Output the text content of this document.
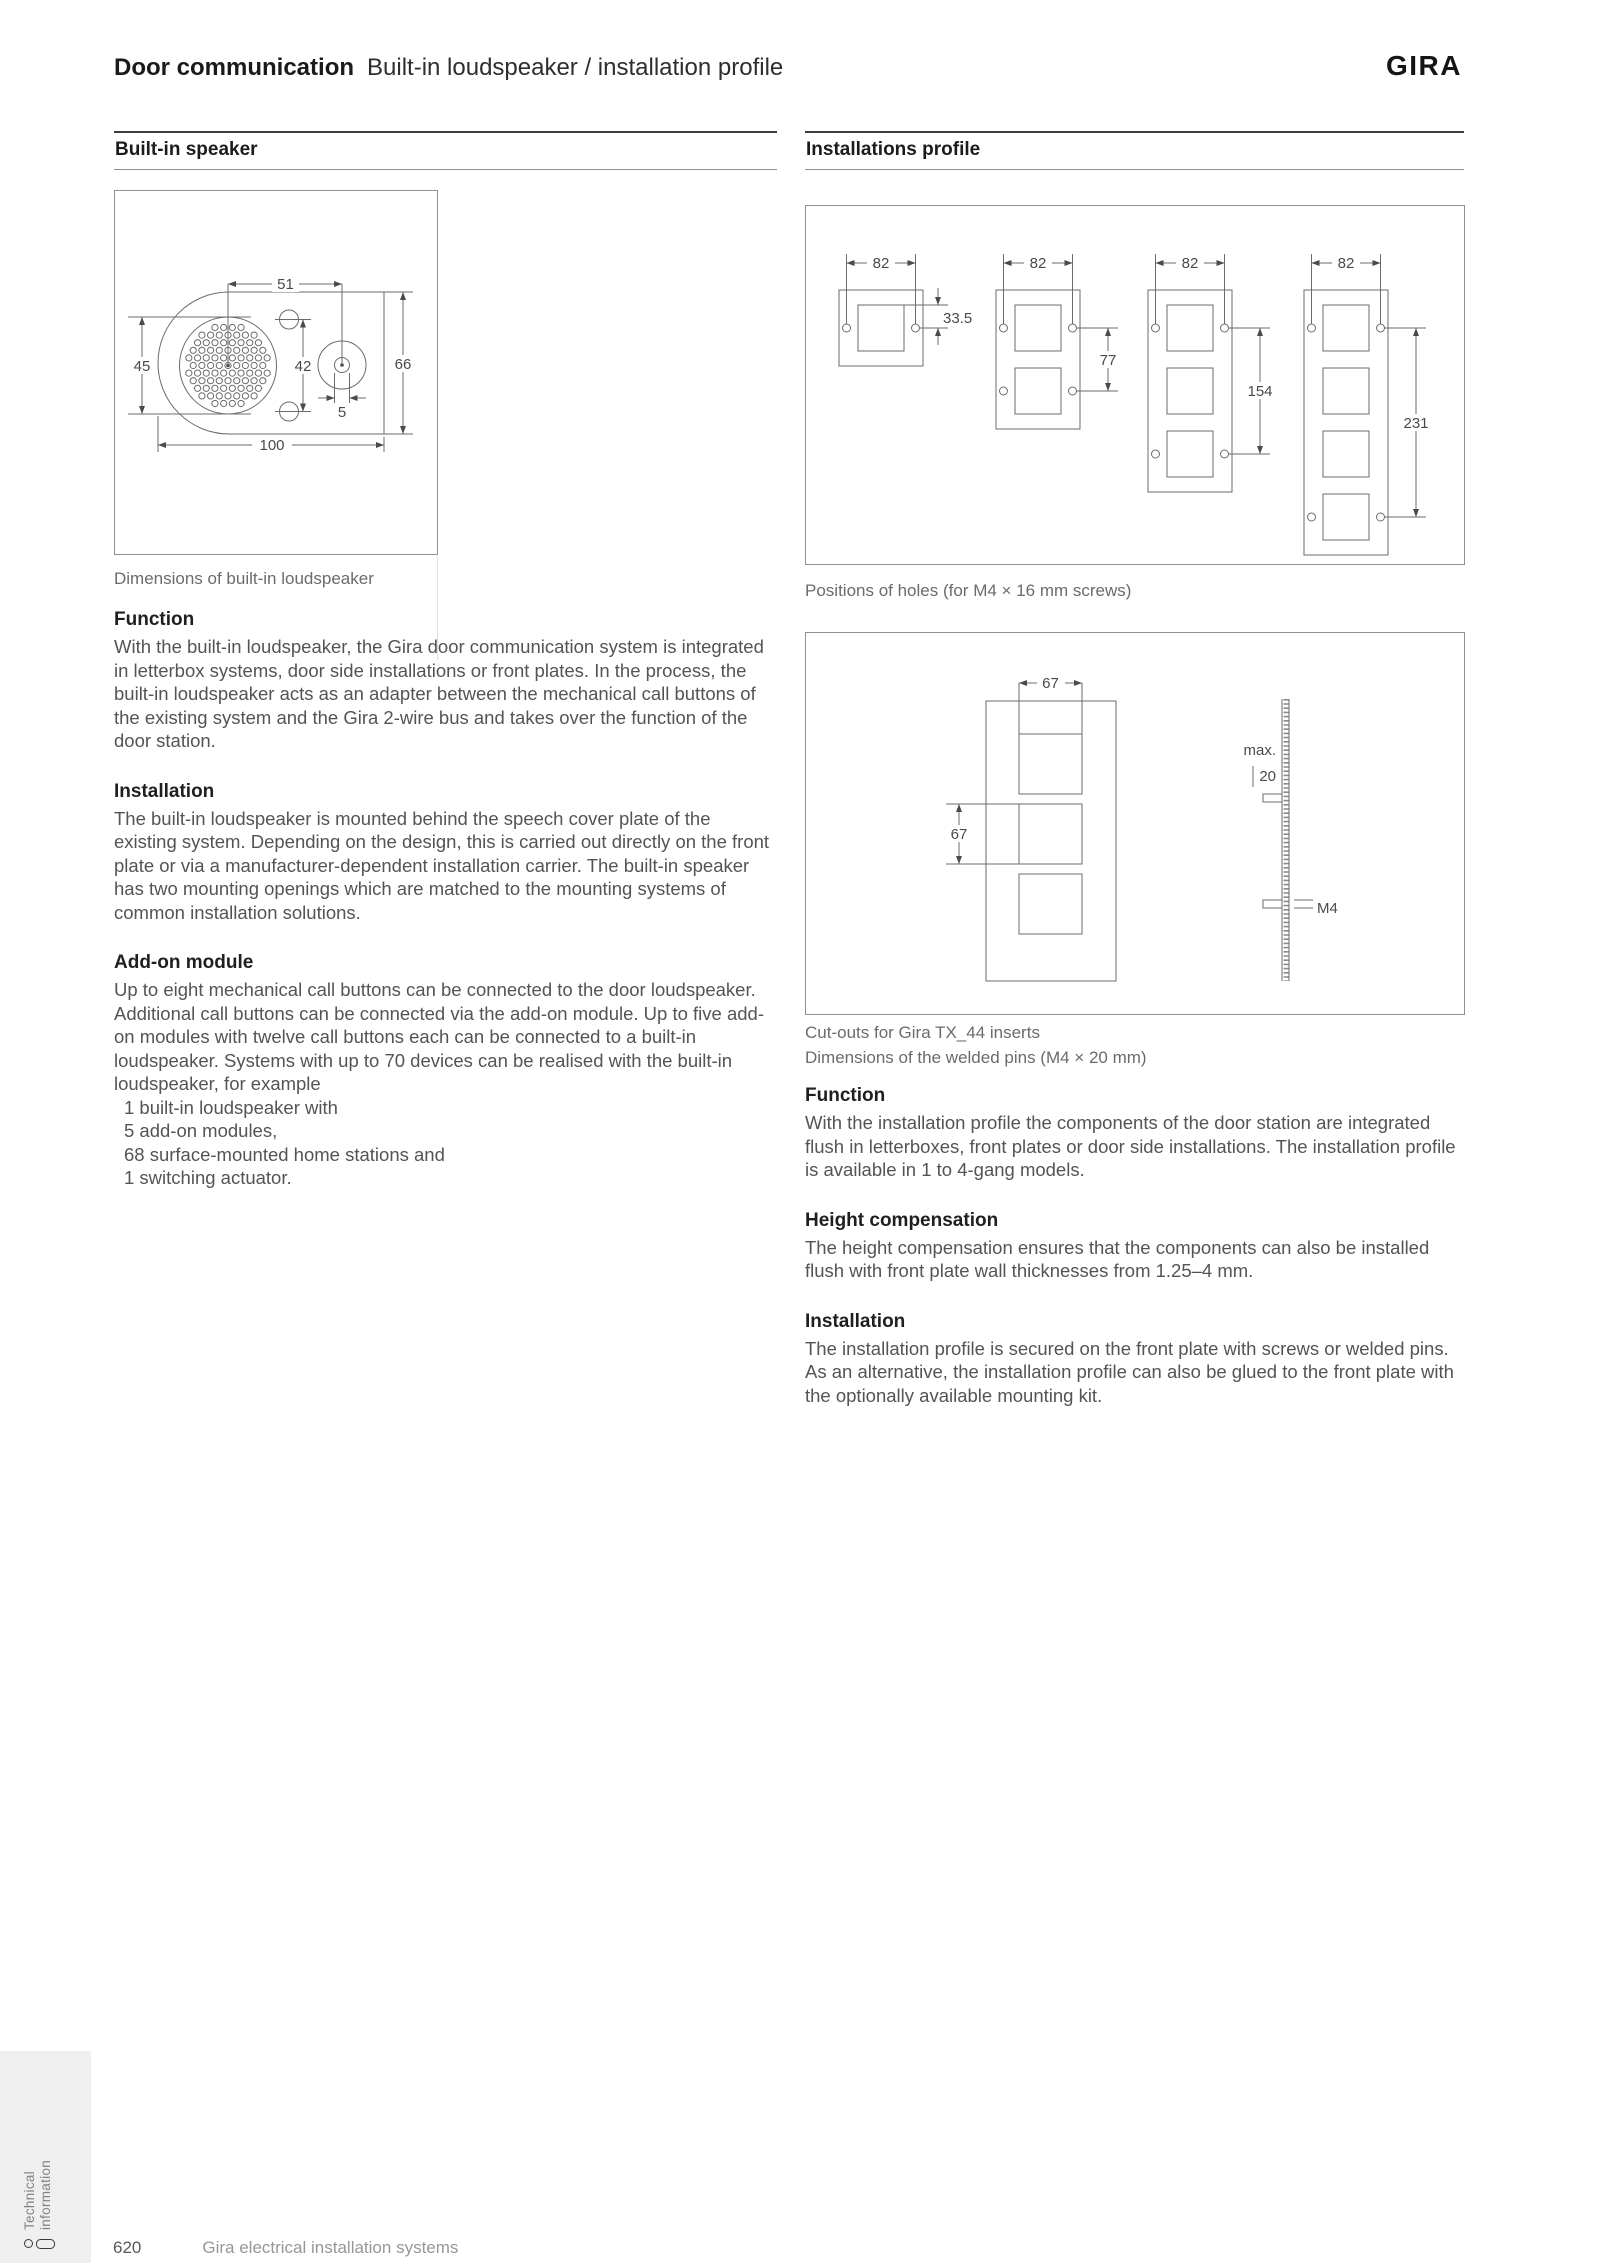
Door communication Built-in loudspeaker / installation profile	GIRA
Built-in speaker	Installations profile
51
45	42	66
100
5
Dimensions of built-in loudspeaker
82
33.5
82
77
82
154
82
231
Positions of holes (for M4 × 16 mm screws)
67
67
max.
20
M4
Cut-outs for Gira TX_44 inserts
Dimensions of the welded pins (M4 × 20 mm)
Function

With the built-in loudspeaker, the Gira door communication system is integrated in letterbox systems, door side installations or front plates. In the process, the built-in loudspeaker acts as an adapter between the mechanical call buttons of the existing system and the Gira 2-wire bus and takes over the function of the door station.

Installation

The built-in loudspeaker is mounted behind the speech cover plate of the existing system. Depending on the design, this is carried out directly on the front plate or via a manufacturer-dependent installation carrier. The built-in speaker has two mounting openings which are matched to the mounting systems of common installation solutions.

Add-on module

Up to eight mechanical call buttons can be connected to the door loudspeaker. Additional call buttons can be connected via the add-on module. Up to five add-on modules with twelve call buttons each can be connected to a built-in loudspeaker. Systems with up to 70 devices can be realised with the built-in loudspeaker, for example

1 built-in loudspeaker with
5 add-on modules,
68 surface-mounted home stations and
1 switching actuator.
Function

With the installation profile the components of the door station are integrated flush in letterboxes, front plates or door side installations. The installation profile is available in 1 to 4-gang models.

Height compensation

The height compensation ensures that the components can also be installed flush with front plate wall thicknesses from 1.25–4 mm.

Installation

The installation profile is secured on the front plate with screws or welded pins. As an alternative, the installation profile can also be glued to the front plate with the optionally available mounting kit.

Technical information
620	Gira electrical installation systems
